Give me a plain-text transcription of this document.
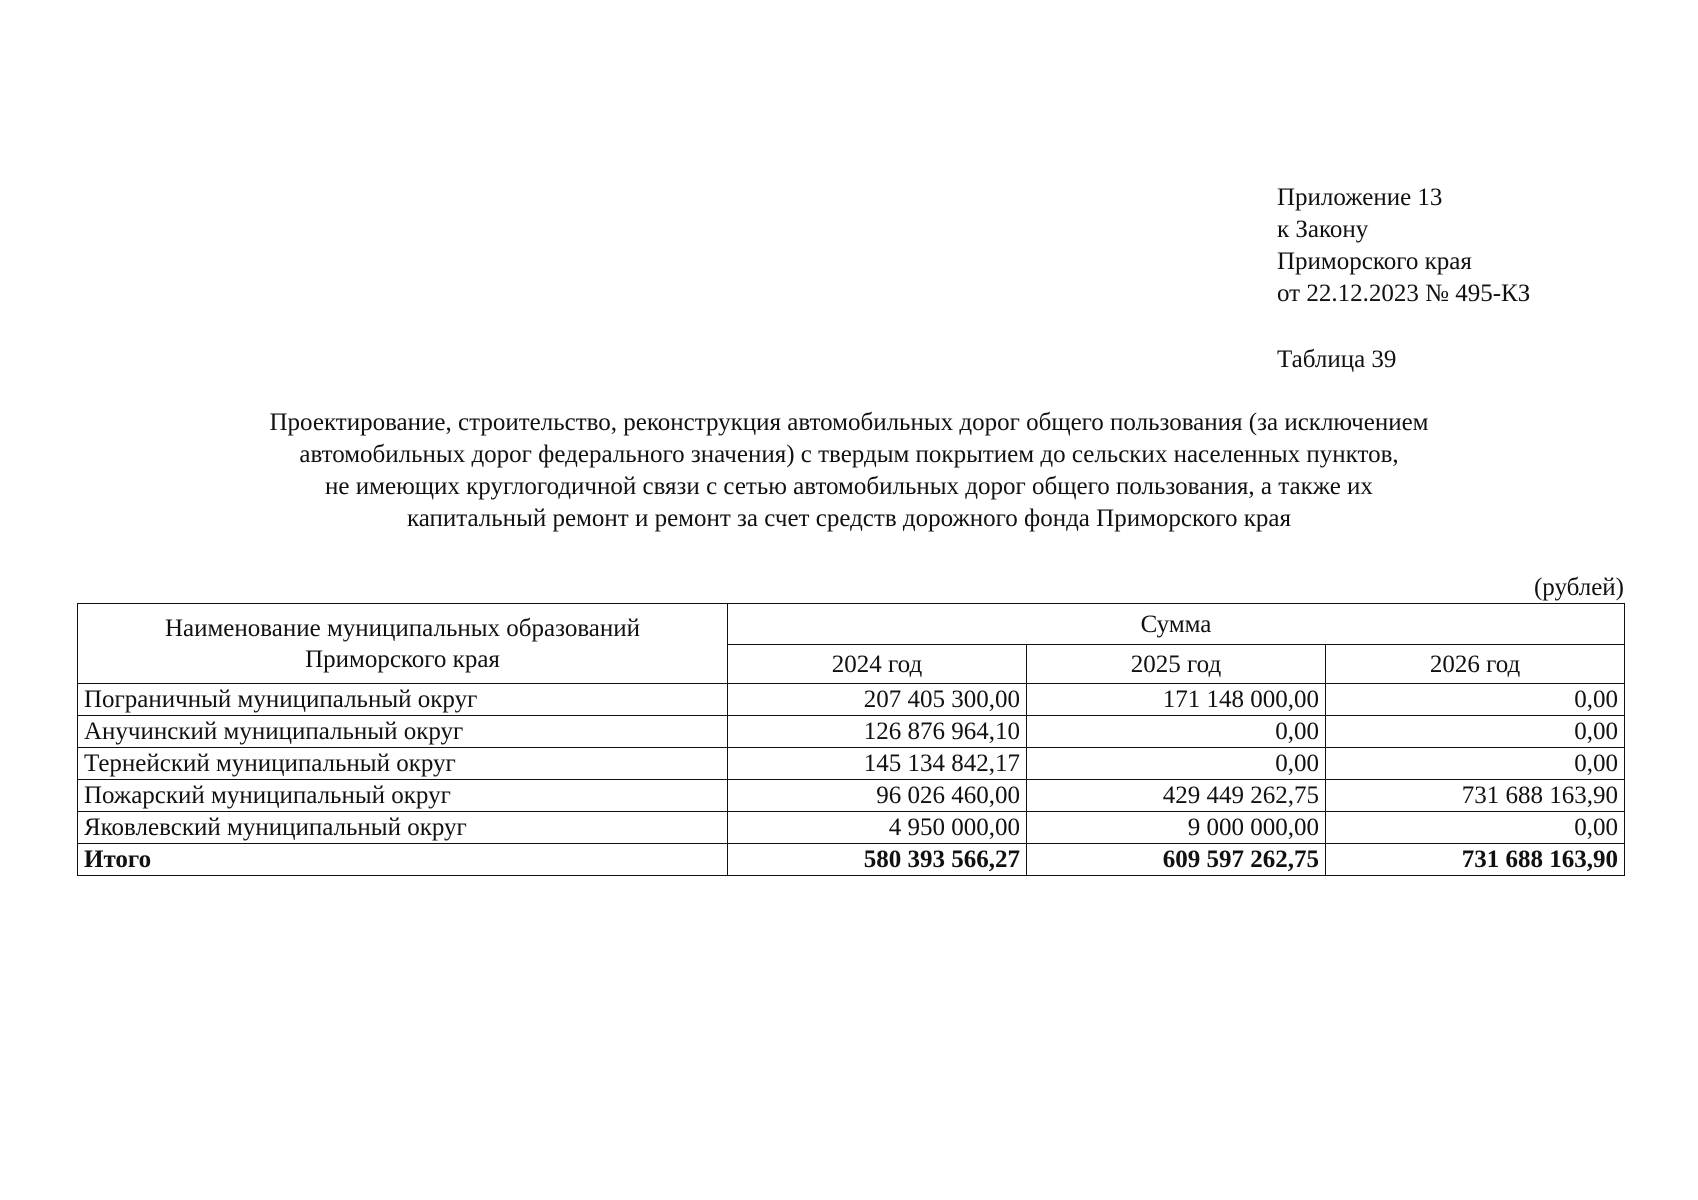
Приложение 13
к Закону
Приморского края
от 22.12.2023 № 495-КЗ
Таблица 39
Проектирование, строительство, реконструкция автомобильных дорог общего пользования (за исключением
автомобильных дорог федерального значения) с твердым покрытием до сельских населенных пунктов,
не имеющих круглогодичной связи с сетью автомобильных дорог общего пользования, а также их
капитальный ремонт и ремонт за счет средств дорожного фонда Приморского края
(рублей)
Наименование муниципальных образований
Приморского края	Сумма		
	2024 год	2025 год	2026 год
Пограничный муниципальный округ	207 405 300,00	171 148 000,00	0,00
Анучинский муниципальный округ	126 876 964,10	0,00	0,00
Тернейский муниципальный округ	145 134 842,17	0,00	0,00
Пожарский муниципальный округ	96 026 460,00	429 449 262,75	731 688 163,90
Яковлевский муниципальный округ	4 950 000,00	9 000 000,00	0,00
Итого	580 393 566,27	609 597 262,75	731 688 163,90
